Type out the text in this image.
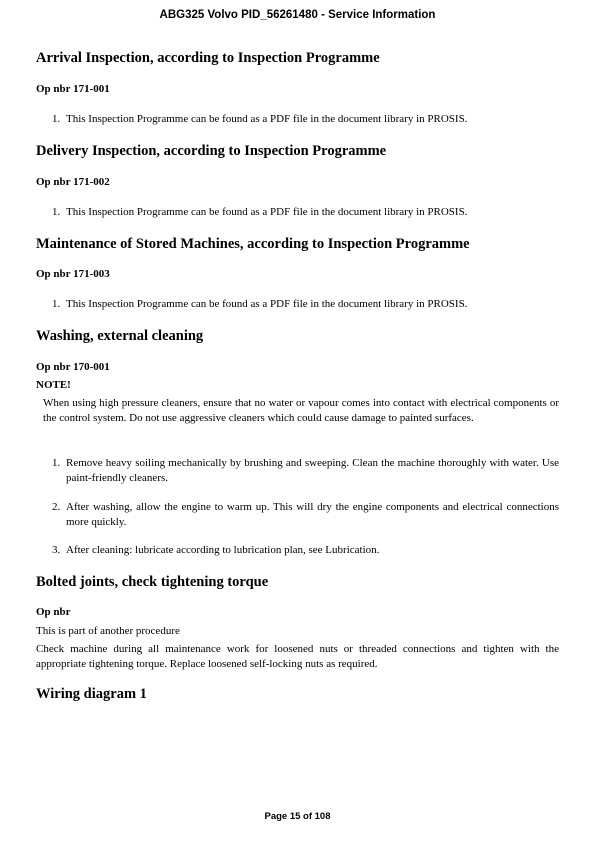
ABG325 Volvo PID_56261480 - Service Information
Arrival Inspection, according to Inspection Programme
Op nbr 171-001
1. This Inspection Programme can be found as a PDF file in the document library in PROSIS.
Delivery Inspection, according to Inspection Programme
Op nbr 171-002
1. This Inspection Programme can be found as a PDF file in the document library in PROSIS.
Maintenance of Stored Machines, according to Inspection Programme
Op nbr 171-003
1. This Inspection Programme can be found as a PDF file in the document library in PROSIS.
Washing, external cleaning
Op nbr 170-001
NOTE!
When using high pressure cleaners, ensure that no water or vapour comes into contact with electrical components or the control system. Do not use aggressive cleaners which could cause damage to painted surfaces.
1. Remove heavy soiling mechanically by brushing and sweeping. Clean the machine thoroughly with water. Use paint-friendly cleaners.
2. After washing, allow the engine to warm up. This will dry the engine components and electrical connections more quickly.
3. After cleaning: lubricate according to lubrication plan, see Lubrication.
Bolted joints, check tightening torque
Op nbr
This is part of another procedure
Check machine during all maintenance work for loosened nuts or threaded connections and tighten with the appropriate tightening torque. Replace loosened self-locking nuts as required.
Wiring diagram 1
Page 15 of 108
